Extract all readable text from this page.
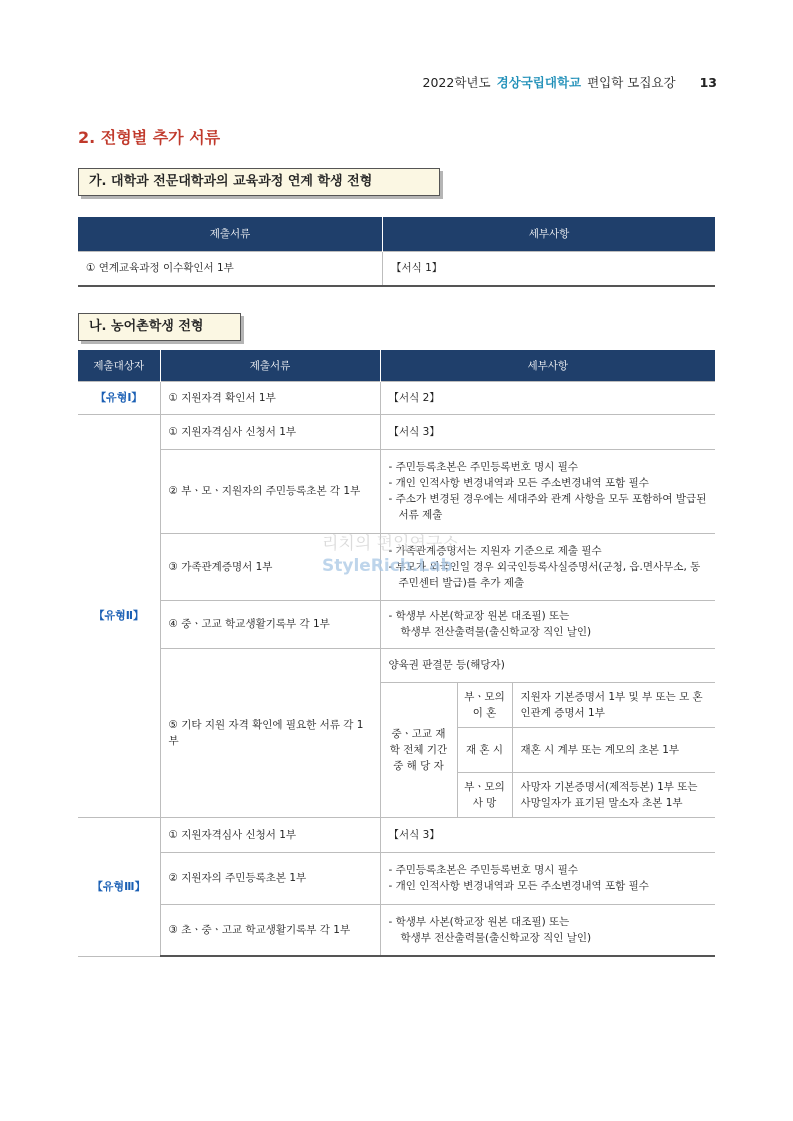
2022학년도 경상국립대학교 편입학 모집요강 13
2. 전형별 추가 서류
가. 대학과 전문대학과의 교육과정 연계 학생 전형
제출서류	세부사항
① 연계교육과정 이수확인서 1부	【서식 1】
나. 농어촌학생 전형
제출대상자	제출서류	세부사항		
【유형Ⅰ】	① 지원자격 확인서 1부	【서식 2】		
【유형Ⅱ】	① 지원자격심사 신청서 1부	【서식 3】		
	② 부ㆍ모ㆍ지원자의 주민등록초본 각 1부	- 주민등록초본은 주민등록번호 명시 필수
- 개인 인적사항 변경내역과 모든 주소변경내역 포함 필수
- 주소가 변경된 경우에는 세대주와 관계 사항을 모두 포함하여 발급된 서류 제출		

	③ 가족관계증명서 1부	- 가족관계증명서는 지원자 기준으로 제출 필수
- 부모가 외국인일 경우 외국인등록사실증명서(군청, 읍.면사무소, 동주민센터 발급)를 추가 제출		

	④ 중ㆍ고교 학교생활기록부 각 1부	- 학생부 사본(학교장 원본 대조필) 또는
학생부 전산출력물(출신학교장 직인 날인)		

	⑤ 기타 지원 자격 확인에 필요한 서류 각 1부	양육권 판결문 등(해당자)		
		중ㆍ고교 재학 전체 기간 중 해 당 자	부ㆍ모의 이 혼	지원자 기본증명서 1부 및 부 또는 모 혼인관계 증명서 1부
			재 혼 시	재혼 시 계부 또는 계모의 초본 1부
			부ㆍ모의 사 망	사망자 기본증명서(제적등본) 1부 또는 사망일자가 표기된 말소자 초본 1부
【유형Ⅲ】	① 지원자격심사 신청서 1부	【서식 3】		
	② 지원자의 주민등록초본 1부	- 주민등록초본은 주민등록번호 명시 필수
- 개인 인적사항 변경내역과 모든 주소변경내역 포함 필수		

	③ 초ㆍ중ㆍ고교 학교생활기록부 각 1부	- 학생부 사본(학교장 원본 대조필) 또는
학생부 전산출력물(출신학교장 직인 날인)		
리치의 편입연구소
StyleRich.Lab
